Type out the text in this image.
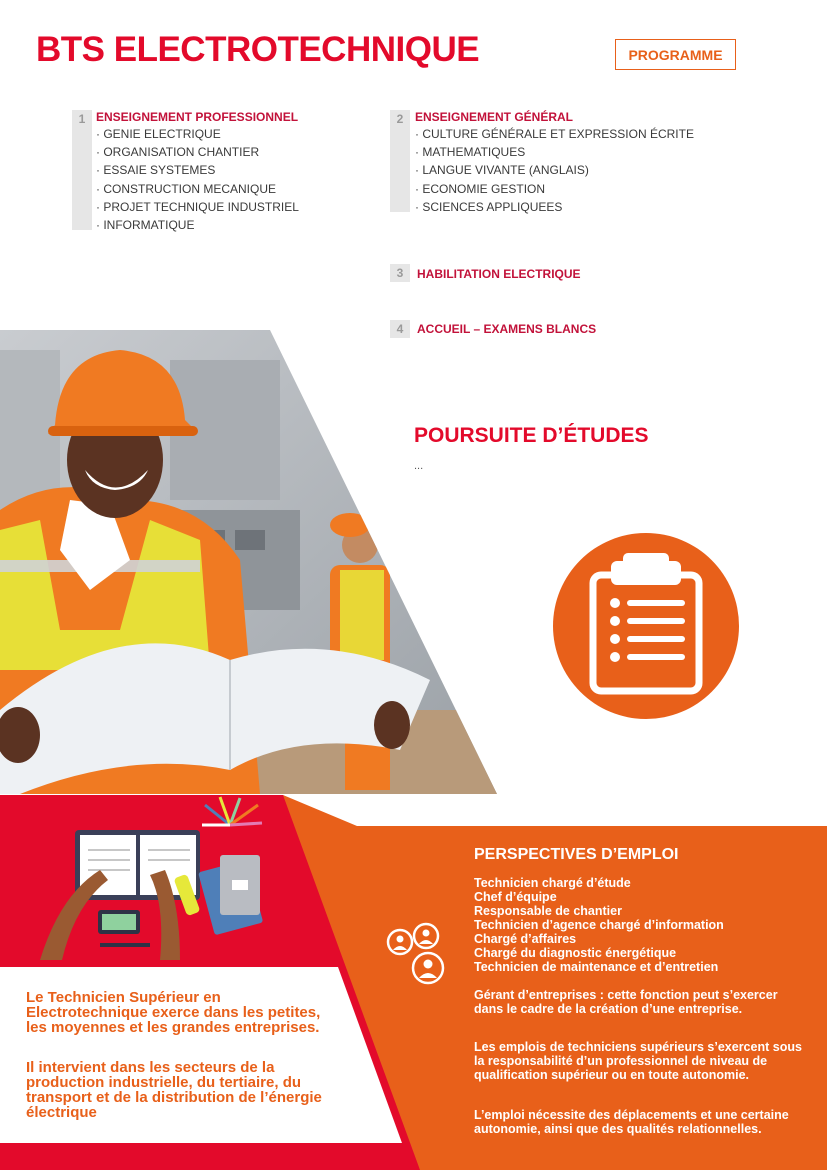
BTS ELECTROTECHNIQUE	PROGRAMME
1 ENSEIGNEMENT PROFESSIONNEL
· GENIE ELECTRIQUE
· ORGANISATION CHANTIER
· ESSAIE SYSTEMES
· CONSTRUCTION MECANIQUE
· PROJET TECHNIQUE INDUSTRIEL
· INFORMATIQUE
2 ENSEIGNEMENT GÉNÉRAL
· CULTURE GÉNÉRALE ET EXPRESSION ÉCRITE
· MATHEMATIQUES
· LANGUE VIVANTE (ANGLAIS)
· ECONOMIE GESTION
· SCIENCES APPLIQUEES
3	HABILITATION ELECTRIQUE
4	ACCUEIL – EXAMENS BLANCS
POURSUITE D’ÉTUDES
...
PERSPECTIVES D’EMPLOI
Technicien chargé d’étude
Chef d’équipe
Responsable de chantier
Technicien d’agence chargé d’information
Chargé d’affaires
Chargé du diagnostic énergétique
Technicien de maintenance et d’entretien

Gérant d’entreprises : cette fonction peut s’exercer dans le cadre de la création d’une entreprise.

Les emplois de techniciens supérieurs s’exercent sous la responsabilité d’un professionnel de niveau de qualification supérieur ou en toute autonomie.

L’emploi nécessite des déplacements et une certaine autonomie, ainsi que des qualités relationnelles.

Le Technicien Supérieur en Electrotechnique exerce dans les petites, les moyennes et les grandes entreprises.

Il intervient dans les secteurs de la production industrielle, du tertiaire, du transport et de la distribution de l’énergie électrique
